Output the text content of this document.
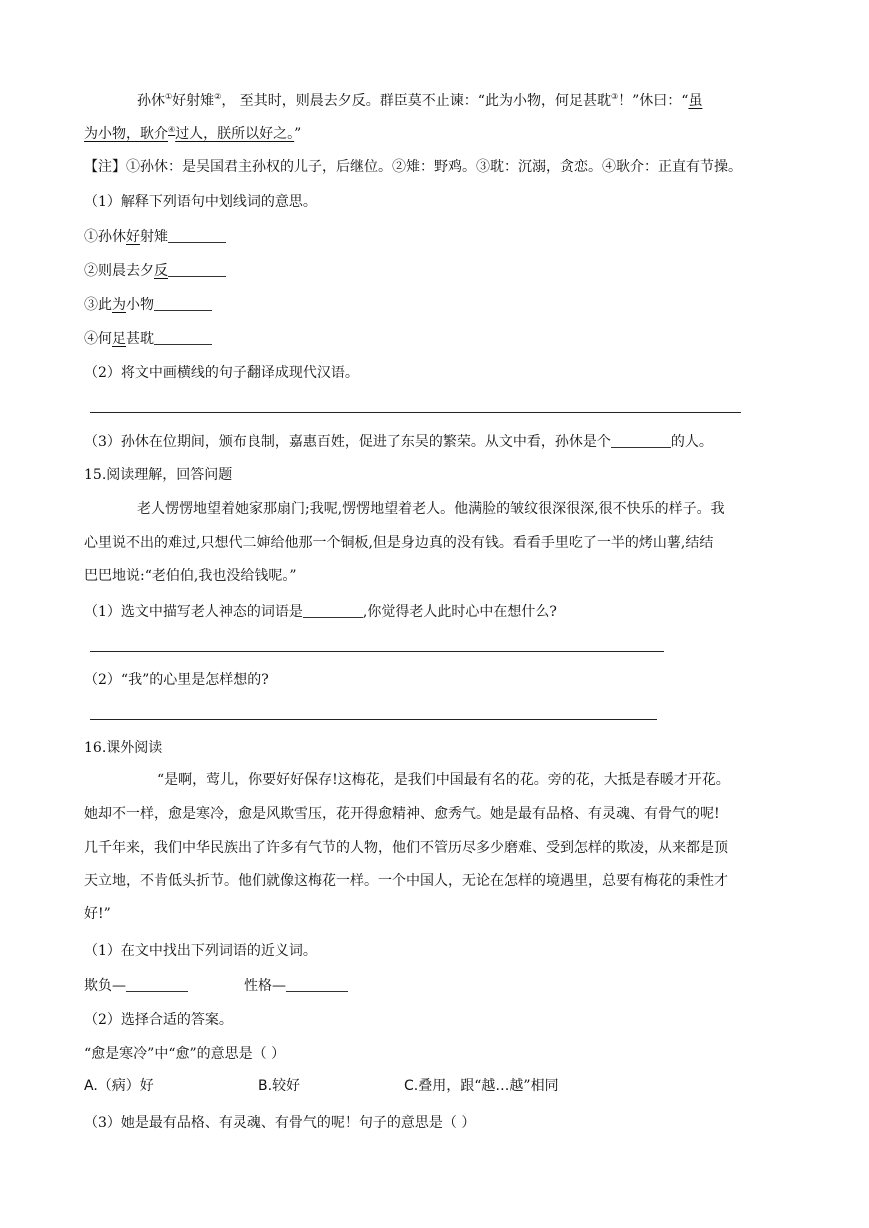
孙休①好射雉②， 至其时，则晨去夕反。群臣莫不止谏：“此为小物，何足甚耽③！”休曰：“虽
为小物，耿介④过人，朕所以好之。”
【注】①孙休：是吴国君主孙权的儿子，后继位。②雉：野鸡。③耽：沉溺，贪恋。④耿介：正直有节操。
（1）解释下列语句中划线词的意思。
①孙休好射雉
②则晨去夕反
③此为小物
④何足甚耽
（2）将文中画横线的句子翻译成现代汉语。
（3）孙休在位期间，颁布良制，嘉惠百姓，促进了东吴的繁荣。从文中看，孙休是个	的人。
15.阅读理解，回答问题
老人愣愣地望着她家那扇门;我呢,愣愣地望着老人。他满脸的皱纹很深很深,很不快乐的样子。我
心里说不出的难过,只想代二婶给他那一个铜板,但是身边真的没有钱。看看手里吃了一半的烤山薯,结结
巴巴地说:“老伯伯,我也没给钱呢。”
（1）选文中描写老人神态的词语是	,你觉得老人此时心中在想什么?
（2）“我”的心里是怎样想的?
16.课外阅读
“是啊，莺儿，你要好好保存!这梅花，是我们中国最有名的花。旁的花，大抵是春暖才开花。
她却不一样，愈是寒冷，愈是风欺雪压，花开得愈精神、愈秀气。她是最有品格、有灵魂、有骨气的呢!
几千年来，我们中华民族出了许多有气节的人物，他们不管历尽多少磨难、受到怎样的欺凌，从来都是顶
天立地，不肯低头折节。他们就像这梅花一样。一个中国人，无论在怎样的境遇里，总要有梅花的秉性才
好!”
（1）在文中找出下列词语的近义词。
欺负—	性格—
（2）选择合适的答案。
“愈是寒冷”中“愈”的意思是（ ）
A.（病）好	B.较好	C.叠用，跟“越…越”相同
（3）她是最有品格、有灵魂、有骨气的呢！句子的意思是（ ）
